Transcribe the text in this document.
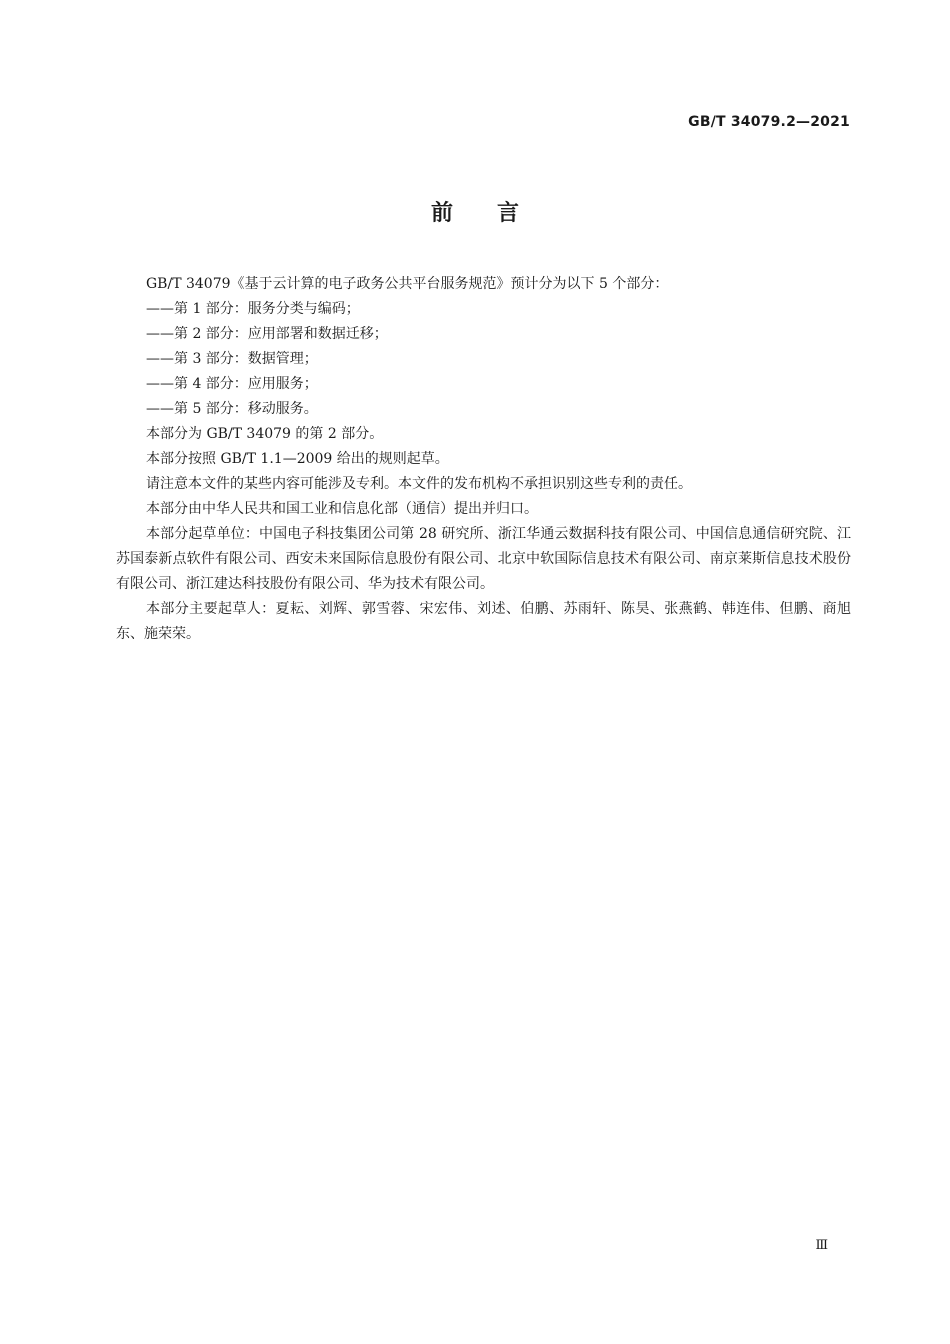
GB/T 34079.2—2021
前言

GB/T 34079《基于云计算的电子政务公共平台服务规范》预计分为以下 5 个部分：

——第 1 部分：服务分类与编码；

——第 2 部分：应用部署和数据迁移；

——第 3 部分：数据管理；

——第 4 部分：应用服务；

——第 5 部分：移动服务。

本部分为 GB/T 34079 的第 2 部分。

本部分按照 GB/T 1.1—2009 给出的规则起草。

请注意本文件的某些内容可能涉及专利。本文件的发布机构不承担识别这些专利的责任。

本部分由中华人民共和国工业和信息化部（通信）提出并归口。

本部分起草单位：中国电子科技集团公司第 28 研究所、浙江华通云数据科技有限公司、中国信息通信研究院、江苏国泰新点软件有限公司、西安未来国际信息股份有限公司、北京中软国际信息技术有限公司、南京莱斯信息技术股份有限公司、浙江建达科技股份有限公司、华为技术有限公司。

本部分主要起草人：夏耘、刘辉、郭雪蓉、宋宏伟、刘述、伯鹏、苏雨轩、陈昊、张燕鹤、韩连伟、但鹏、商旭东、施荣荣。

Ⅲ
